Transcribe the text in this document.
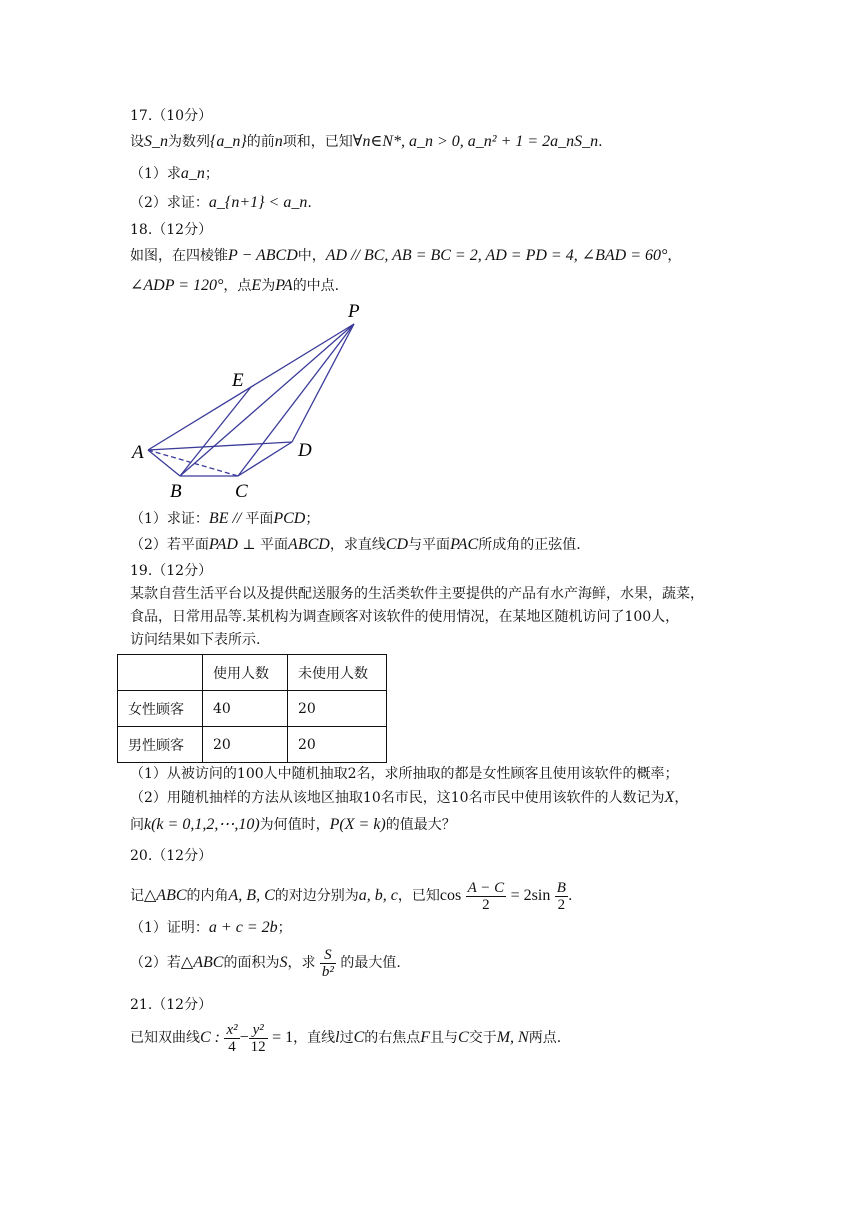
17.（10分）
设S_n为数列{a_n}的前n项和，已知∀n∈N*, a_n > 0, a_n² + 1 = 2a_nS_n.
（1）求a_n；
（2）求证：a_{n+1} < a_n.
18.（12分）
如图，在四棱锥P − ABCD中，AD // BC, AB = BC = 2, AD = PD = 4, ∠BAD = 60°，
∠ADP = 120°，点E为PA的中点.
P
E
A	D
B	C
（1）求证：BE // 平面PCD；
（2）若平面PAD ⊥ 平面ABCD，求直线CD与平面PAC所成角的正弦值.
19.（12分）
某款自营生活平台以及提供配送服务的生活类软件主要提供的产品有水产海鲜，水果，蔬菜，
食品，日常用品等.某机构为调查顾客对该软件的使用情况，在某地区随机访问了100人，
访问结果如下表所示.
	使用人数	未使用人数
女性顾客	40	20
男性顾客	20	20
（1）从被访问的100人中随机抽取2名，求所抽取的都是女性顾客且使用该软件的概率；
（2）用随机抽样的方法从该地区抽取10名市民，这10名市民中使用该软件的人数记为X，
问k(k = 0,1,2,⋯,10)为何值时，P(X = k)的值最大？
20.（12分）
记△ABC的内角A, B, C的对边分别为a, b, c，已知$\cos \frac{A - C}{2} = 2\sin \frac{B}{2}$ .
（1）证明：a + c = 2b；
（2）若△ABC的面积为S，求 $\frac{S}{\text{b²}}$ 的最大值.
21.（12分）
已知双曲线C : $\frac{\text{x²}}{4} - \frac{\text{y²}}{12} = 1$，直线l过C的右焦点F且与C交于M, N两点.
